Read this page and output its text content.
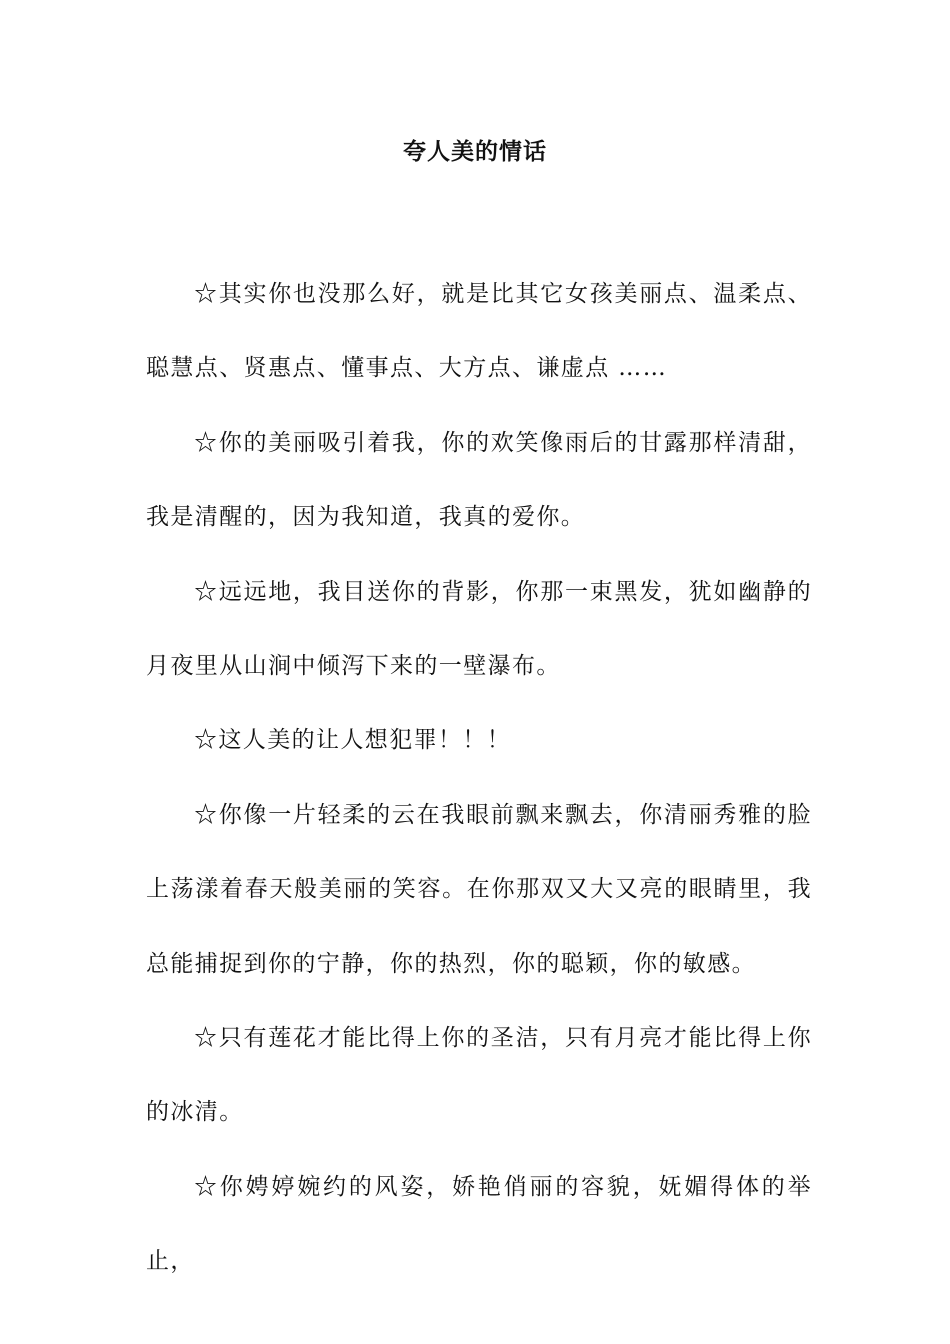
夸人美的情话

☆其实你也没那么好，就是比其它女孩美丽点、温柔点、聪慧点、贤惠点、懂事点、大方点、谦虚点 ……

☆你的美丽吸引着我，你的欢笑像雨后的甘露那样清甜，我是清醒的，因为我知道，我真的爱你。

☆远远地，我目送你的背影，你那一束黑发，犹如幽静的月夜里从山涧中倾泻下来的一壁瀑布。

☆这人美的让人想犯罪！！！

☆你像一片轻柔的云在我眼前飘来飘去，你清丽秀雅的脸上荡漾着春天般美丽的笑容。在你那双又大又亮的眼睛里，我总能捕捉到你的宁静，你的热烈，你的聪颖，你的敏感。

☆只有莲花才能比得上你的圣洁，只有月亮才能比得上你的冰清。

☆你娉婷婉约的风姿，娇艳俏丽的容貌，妩媚得体的举止，
